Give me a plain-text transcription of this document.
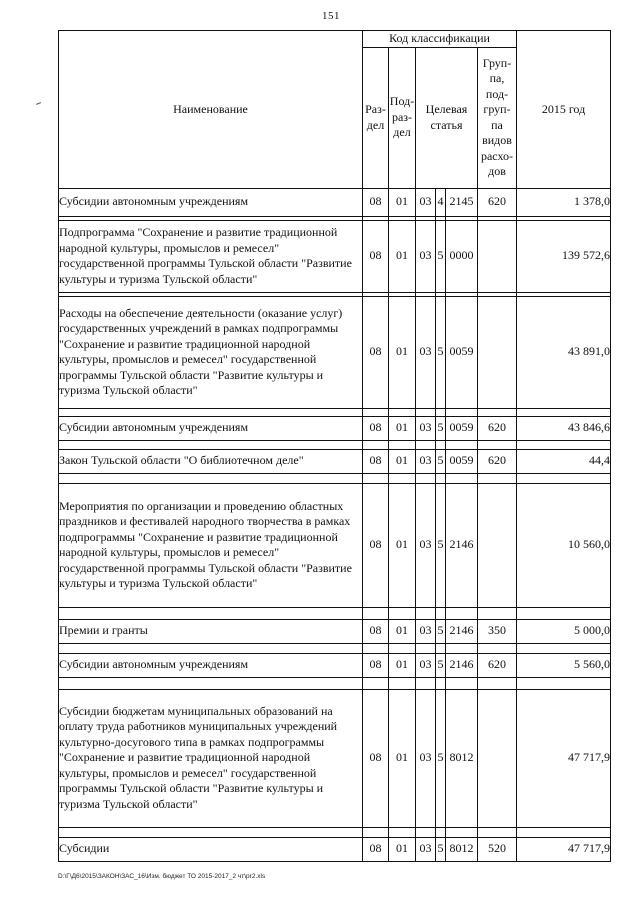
151
Наименование	Код классификации						2015 год
	Раз- дел	Под- раз- дел	Целевая статья			Груп- па, под- груп- па видов расхо- дов	
Субсидии автономным учреждениям	08	01	03	4	2145	620	1 378,0

Подпрограмма "Сохранение и развитие традиционной народной культуры, промыслов и ремесел" государственной программы Тульской области "Развитие культуры и туризма Тульской области"	08	01	03	5	0000		139 572,6

Расходы на обеспечение деятельности (оказание услуг) государственных учреждений в рамках подпрограммы "Сохранение и развитие традиционной народной культуры, промыслов и ремесел" государственной программы Тульской области "Развитие культуры и туризма Тульской области"	08	01	03	5	0059		43 891,0

Субсидии автономным учреждениям	08	01	03	5	0059	620	43 846,6

Закон Тульской области "О библиотечном деле"	08	01	03	5	0059	620	44,4

Мероприятия по организации и проведению областных праздников и фестивалей народного творчества в рамках подпрограммы "Сохранение и развитие традиционной народной культуры, промыслов и ремесел" государственной программы Тульской области "Развитие культуры и туризма Тульской области"	08	01	03	5	2146		10 560,0

Премии и гранты	08	01	03	5	2146	350	5 000,0

Субсидии автономным учреждениям	08	01	03	5	2146	620	5 560,0

Субсидии бюджетам муниципальных образований на оплату труда работников муниципальных учреждений культурно-досугового типа в рамках подпрограммы "Сохранение и развитие традиционной народной культуры, промыслов и ремесел" государственной программы Тульской области "Развитие культуры и туризма Тульской области"	08	01	03	5	8012		47 717,9

Субсидии	08	01	03	5	8012	520	47 717,9
D:\Г\Д6\2015\ЗАКОН\ЗАС_16\Изм. бюджет ТО 2015-2017_2 чт\pr2.xls
